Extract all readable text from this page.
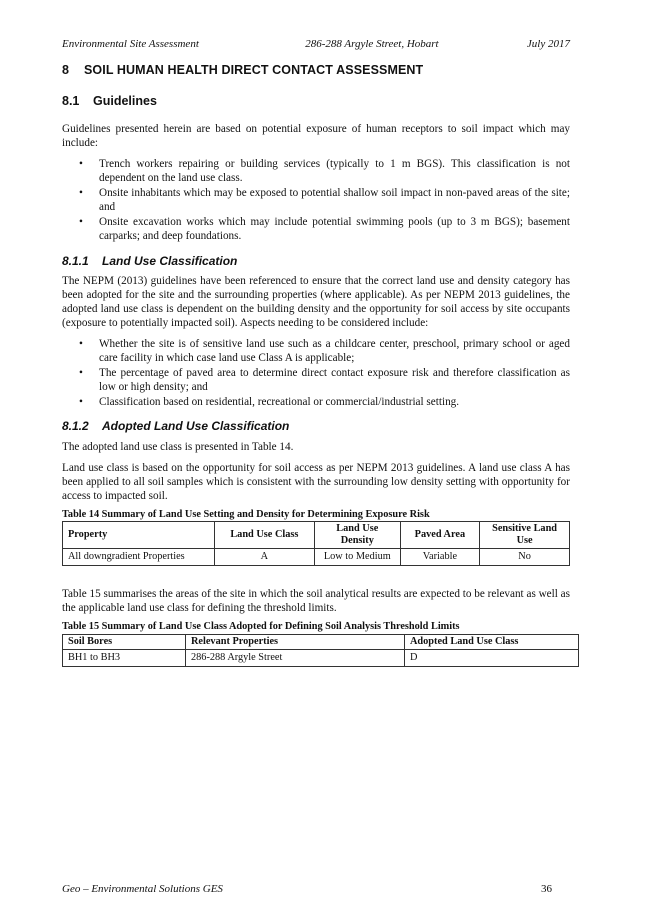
Environmental Site Assessment	286-288 Argyle Street, Hobart	July 2017
8 SOIL HUMAN HEALTH DIRECT CONTACT ASSESSMENT
8.1 Guidelines

Guidelines presented herein are based on potential exposure of human receptors to soil impact which may include:

• Trench workers repairing or building services (typically to 1 m BGS). This classification is not dependent on the land use class.
• Onsite inhabitants which may be exposed to potential shallow soil impact in non-paved areas of the site; and
• Onsite excavation works which may include potential swimming pools (up to 3 m BGS); basement carparks; and deep foundations.
8.1.1 Land Use Classification

The NEPM (2013) guidelines have been referenced to ensure that the correct land use and density category has been adopted for the site and the surrounding properties (where applicable). As per NEPM 2013 guidelines, the adopted land use class is dependent on the building density and the opportunity for soil access by site occupants (exposure to potentially impacted soil). Aspects needing to be considered include:

• Whether the site is of sensitive land use such as a childcare center, preschool, primary school or aged care facility in which case land use Class A is applicable;
• The percentage of paved area to determine direct contact exposure risk and therefore classification as low or high density; and
• Classification based on residential, recreational or commercial/industrial setting.
8.1.2 Adopted Land Use Classification

The adopted land use class is presented in Table 14.

Land use class is based on the opportunity for soil access as per NEPM 2013 guidelines. A land use class A has been applied to all soil samples which is consistent with the surrounding low density setting with opportunity for access to impacted soil.

Table 14 Summary of Land Use Setting and Density for Determining Exposure Risk

Property	Land Use Class	Land Use Density	Paved Area	Sensitive Land Use
All downgradient Properties	A	Low to Medium	Variable	No

Table 15 summarises the areas of the site in which the soil analytical results are expected to be relevant as well as the applicable land use class for defining the threshold limits.

Table 15 Summary of Land Use Class Adopted for Defining Soil Analysis Threshold Limits

Soil Bores	Relevant Properties	Adopted Land Use Class
BH1 to BH3	286-288 Argyle Street	D
Geo – Environmental Solutions GES	36
